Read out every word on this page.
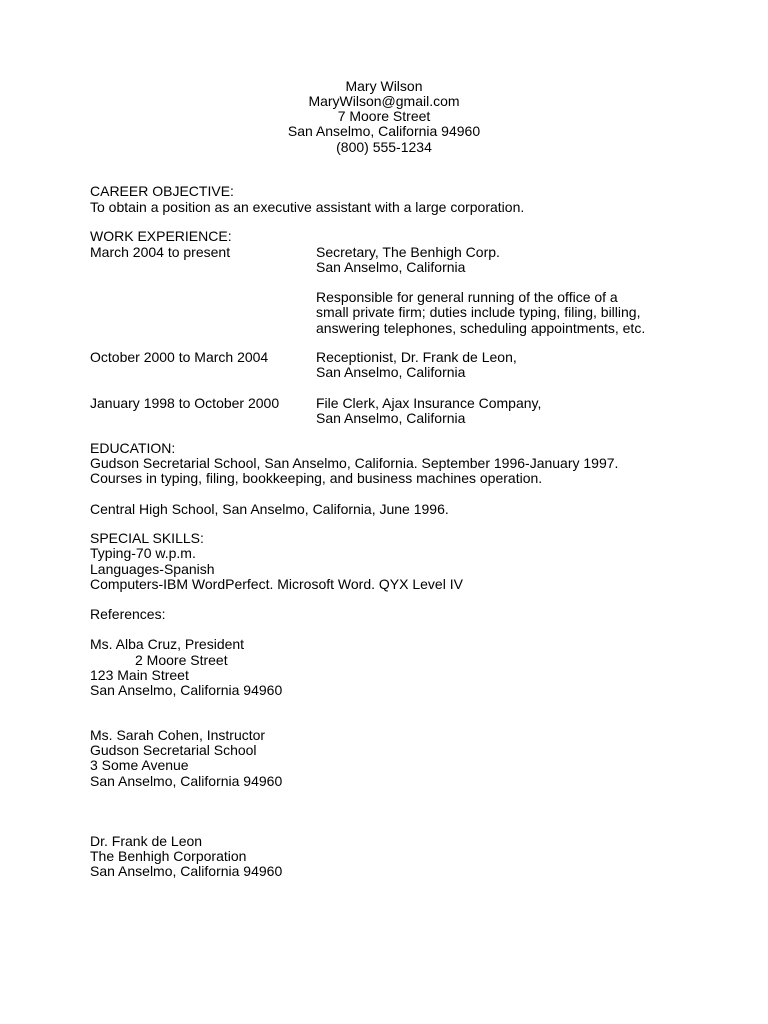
Mary Wilson
MaryWilson@gmail.com
7 Moore Street
San Anselmo, California 94960
(800) 555-1234
CAREER OBJECTIVE:
To obtain a position as an executive assistant with a large corporation.
WORK EXPERIENCE:
March 2004 to present	Secretary, The Benhigh Corp.
San Anselmo, California
Responsible for general running of the office of a
small private firm; duties include typing, filing, billing,
answering telephones, scheduling appointments, etc.
October 2000 to March 2004	Receptionist, Dr. Frank de Leon,
San Anselmo, California
January 1998 to October 2000	File Clerk, Ajax Insurance Company,
San Anselmo, California
EDUCATION:
Gudson Secretarial School, San Anselmo, California. September 1996-January 1997.
Courses in typing, filing, bookkeeping, and business machines operation.
Central High School, San Anselmo, California, June 1996.
SPECIAL SKILLS:
Typing-70 w.p.m.
Languages-Spanish
Computers-IBM WordPerfect. Microsoft Word. QYX Level IV
References:
Ms. Alba Cruz, President
2 Moore Street
123 Main Street
San Anselmo, California 94960
Ms. Sarah Cohen, Instructor
Gudson Secretarial School
3 Some Avenue
San Anselmo, California 94960
Dr. Frank de Leon
The Benhigh Corporation
San Anselmo, California 94960
